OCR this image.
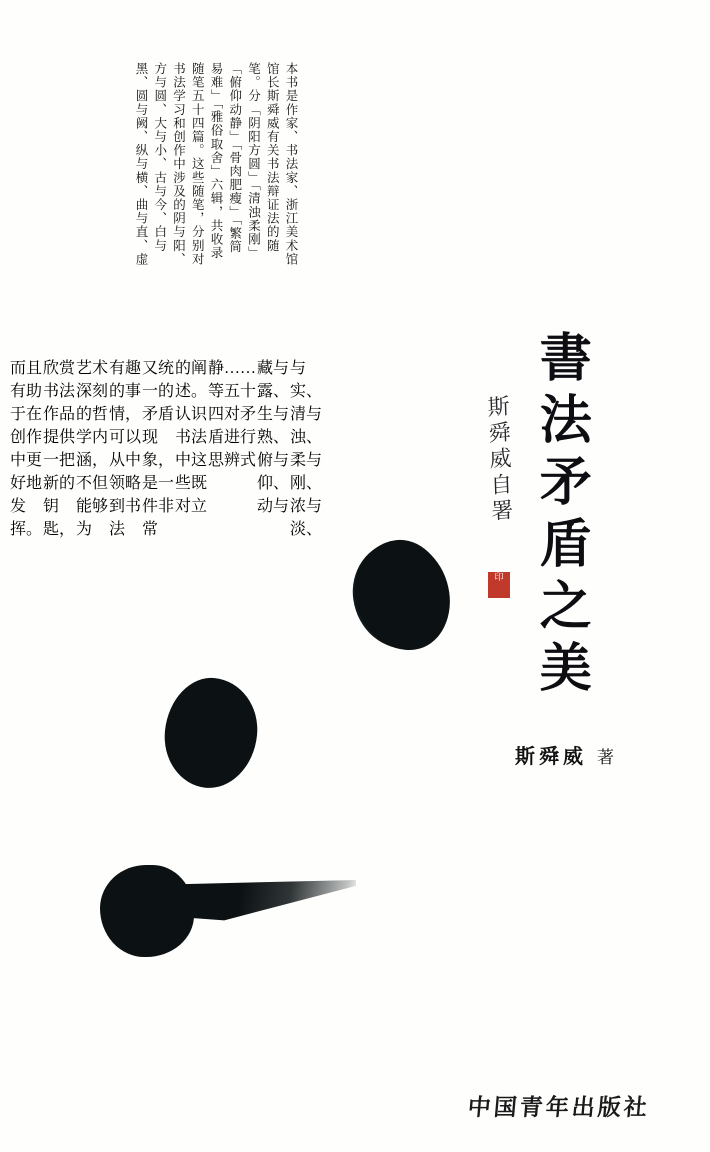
本书是作家、书法家、浙江美术馆
馆长斯舜威有关书法辩证法的随
笔。分「阴阳方圆」「清浊柔刚」
「俯仰动静」「骨肉肥瘦」「繁简
易难」「雅俗取舍」六辑，共收录
随笔五十四篇。这些随笔，分别对
书法学习和创作中涉及的阴与阳、
方与圆、大与小、古与今、白与
黑、圆与阙、纵与横、曲与直、虚
与实、清与浊、柔与刚、浓与淡、
藏与露、生与熟、俯与仰、动与
静……等五十四对矛盾进行思辨式
的阐述。认识书法中这些既对立
又统一的矛盾现象，是一件非常
有趣的事情，可以从中领略到书法
艺术深刻的哲学内涵，不但能够为
欣赏书法作品提供一把新的钥匙，
而且有助于在创作中更好地发挥。	書法矛盾之美
斯舜威自署
印
斯舜威 著
中国青年出版社
